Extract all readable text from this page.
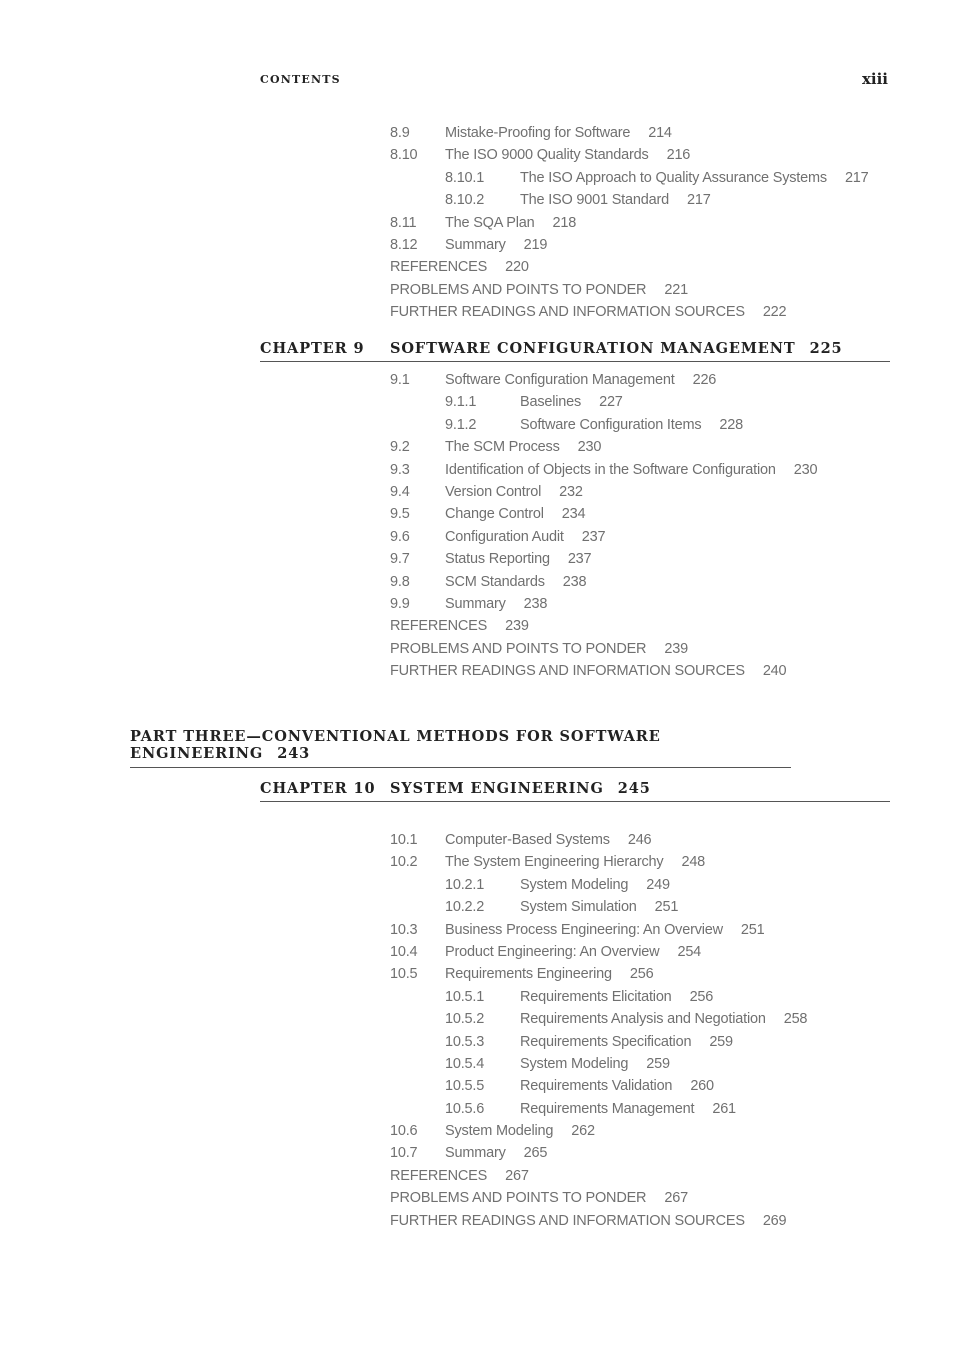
CONTENTS	xiii
8.9 Mistake-Proofing for Software 214
8.10 The ISO 9000 Quality Standards 216
8.10.1 The ISO Approach to Quality Assurance Systems 217
8.10.2 The ISO 9001 Standard 217
8.11 The SQA Plan 218
8.12 Summary 219
REFERENCES 220
PROBLEMS AND POINTS TO PONDER 221
FURTHER READINGS AND INFORMATION SOURCES 222
CHAPTER 9 SOFTWARE CONFIGURATION MANAGEMENT 225
9.1 Software Configuration Management 226
9.1.1	Baselines 227
9.1.2	Software Configuration Items 228
9.2 The SCM Process 230
9.3 Identification of Objects in the Software Configuration 230
9.4 Version Control 232
9.5 Change Control 234
9.6 Configuration Audit 237
9.7 Status Reporting 237
9.8 SCM Standards 238
9.9 Summary 238
REFERENCES 239
PROBLEMS AND POINTS TO PONDER 239
FURTHER READINGS AND INFORMATION SOURCES 240
PART THREE—CONVENTIONAL METHODS FOR SOFTWARE ENGINEERING 243
CHAPTER 10 SYSTEM ENGINEERING 245
10.1 Computer-Based Systems 246
10.2 The System Engineering Hierarchy 248
10.2.1 System Modeling 249
10.2.2 System Simulation 251
10.3 Business Process Engineering: An Overview 251
10.4 Product Engineering: An Overview 254
10.5 Requirements Engineering 256
10.5.1 Requirements Elicitation 256
10.5.2 Requirements Analysis and Negotiation 258
10.5.3 Requirements Specification 259
10.5.4 System Modeling 259
10.5.5 Requirements Validation 260
10.5.6 Requirements Management 261
10.6 System Modeling 262
10.7 Summary 265
REFERENCES 267
PROBLEMS AND POINTS TO PONDER 267
FURTHER READINGS AND INFORMATION SOURCES 269
